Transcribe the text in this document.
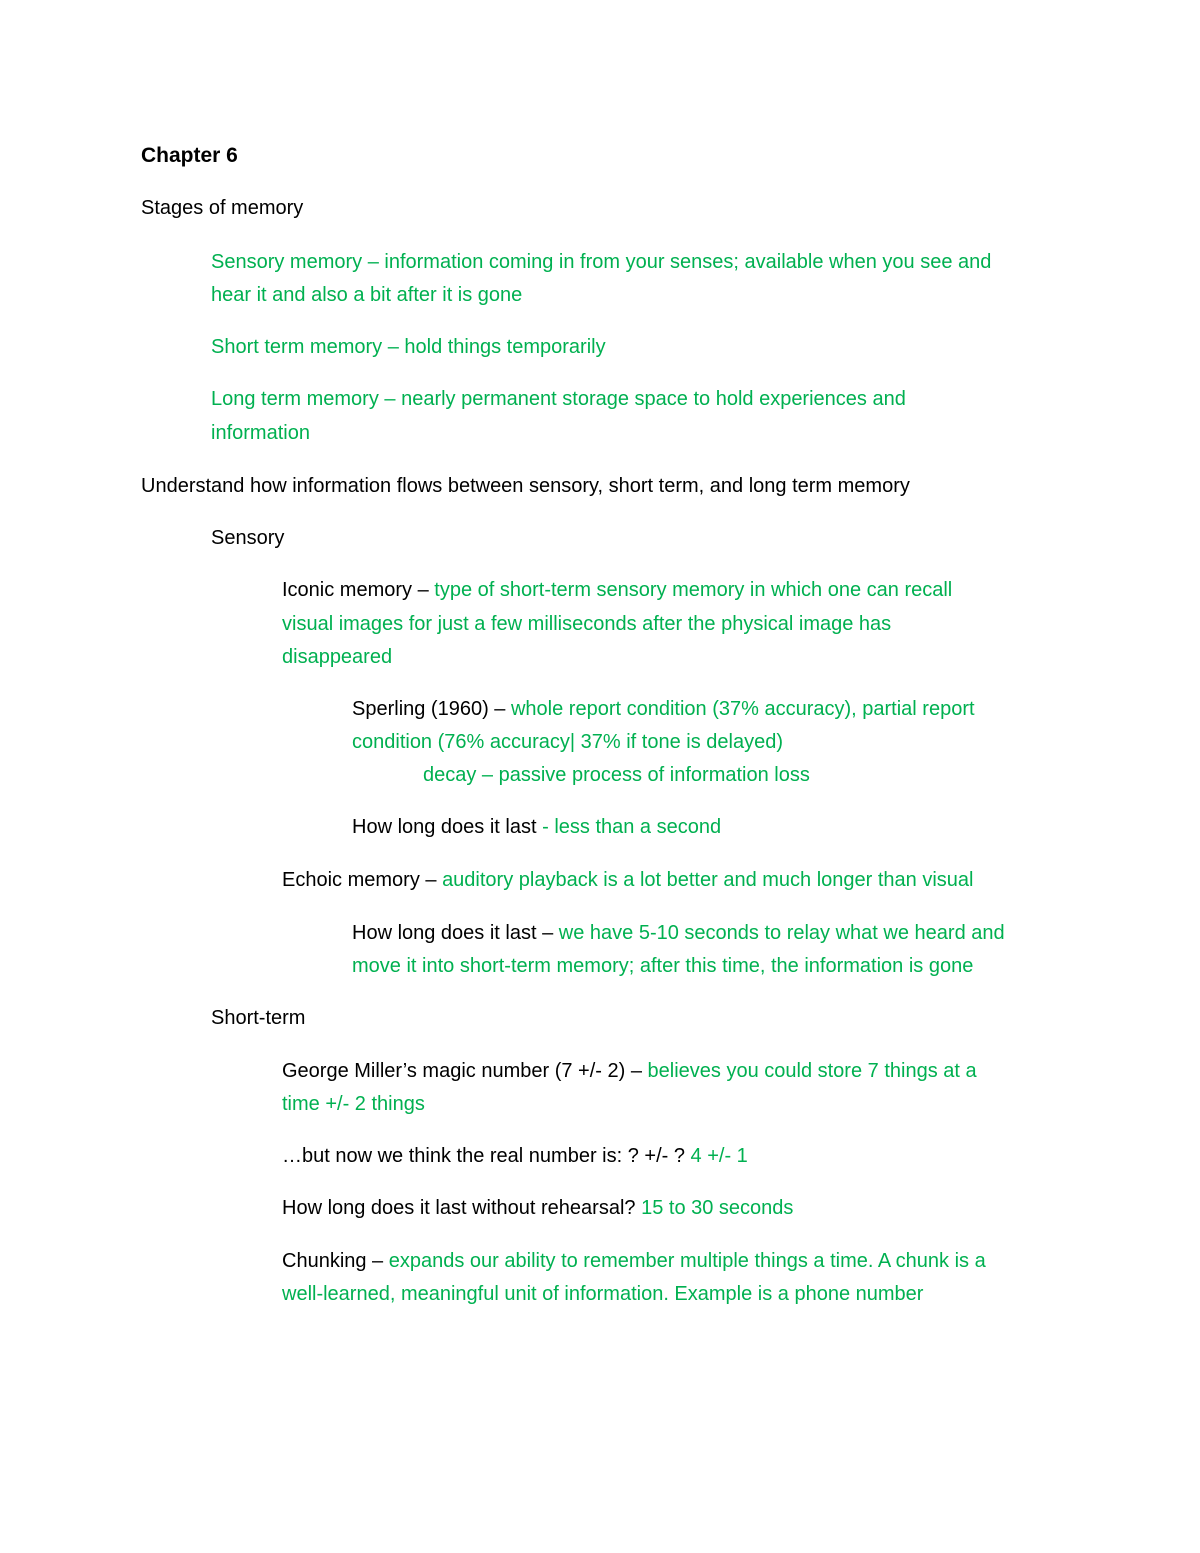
Chapter 6
Stages of memory
Sensory memory – information coming in from your senses; available when you see and
hear it and also a bit after it is gone
Short term memory – hold things temporarily
Long term memory – nearly permanent storage space to hold experiences and
information
Understand how information flows between sensory, short term, and long term memory
Sensory
Iconic memory – type of short-term sensory memory in which one can recall
visual images for just a few milliseconds after the physical image has
disappeared
Sperling (1960) – whole report condition (37% accuracy), partial report
condition (76% accuracy| 37% if tone is delayed)
decay – passive process of information loss
How long does it last - less than a second
Echoic memory – auditory playback is a lot better and much longer than visual
How long does it last – we have 5-10 seconds to relay what we heard and
move it into short-term memory; after this time, the information is gone
Short-term
George Miller’s magic number (7 +/- 2) – believes you could store 7 things at a
time +/- 2 things
…but now we think the real number is: ? +/- ? 4 +/- 1
How long does it last without rehearsal? 15 to 30 seconds
Chunking – expands our ability to remember multiple things a time. A chunk is a
well-learned, meaningful unit of information. Example is a phone number
